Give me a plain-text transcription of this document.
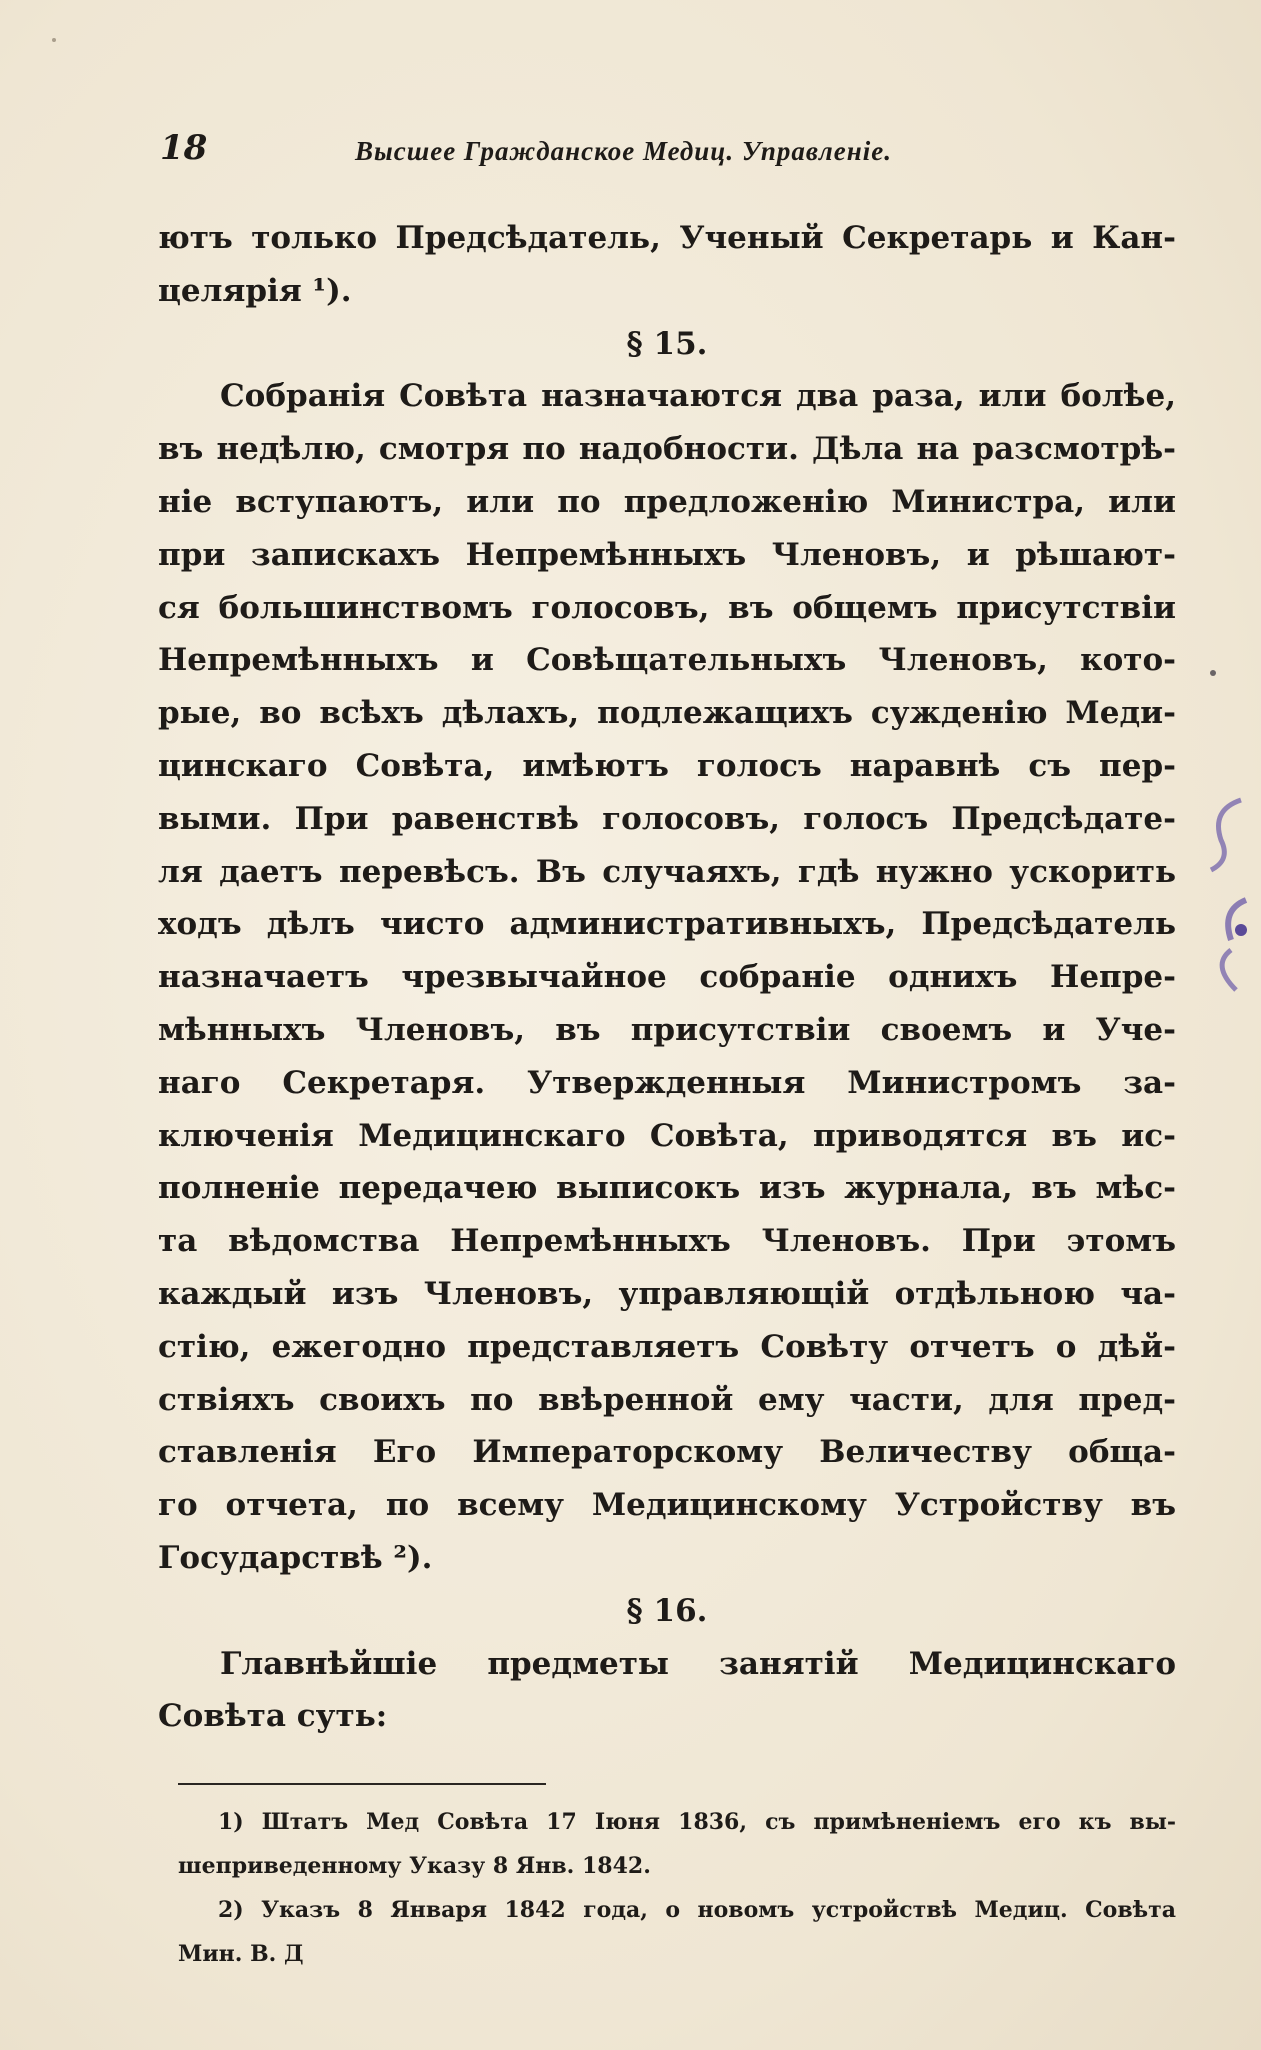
18	Высшее Гражданское Медиц. Управленіе.
ютъ только Предсѣдатель, Ученый Секретарь и Кан-
целярія ¹).
§ 15.
Собранія Совѣта назначаются два раза, или болѣе,
въ недѣлю, смотря по надобности. Дѣла на разсмотрѣ-
ніе вступаютъ, или по предложенію Министра, или
при запискахъ Непремѣнныхъ Членовъ, и рѣшают-
ся большинствомъ голосовъ, въ общемъ присутствіи
Непремѣнныхъ и Совѣщательныхъ Членовъ, кото-
рые, во всѣхъ дѣлахъ, подлежащихъ сужденію Меди-
цинскаго Совѣта, имѣютъ голосъ наравнѣ съ пер-
выми. При равенствѣ голосовъ, голосъ Предсѣдате-
ля даетъ перевѣсъ. Въ случаяхъ, гдѣ нужно ускорить
ходъ дѣлъ чисто административныхъ, Предсѣдатель
назначаетъ чрезвычайное собраніе однихъ Непре-
мѣнныхъ Членовъ, въ присутствіи своемъ и Уче-
наго Секретаря. Утвержденныя Министромъ за-
ключенія Медицинскаго Совѣта, приводятся въ ис-
полненіе передачею выписокъ изъ журнала, въ мѣс-
та вѣдомства Непремѣнныхъ Членовъ. При этомъ
каждый изъ Членовъ, управляющій отдѣльною ча-
стію, ежегодно представляетъ Совѣту отчетъ о дѣй-
ствіяхъ своихъ по ввѣренной ему части, для пред-
ставленія Его Императорскому Величеству обща-
го отчета, по всему Медицинскому Устройству въ
Государствѣ ²).
§ 16.
Главнѣйшіе предметы занятій Медицинскаго
Совѣта суть:
1) Штатъ Мед Совѣта 17 Іюня 1836, съ примѣненіемъ его къ вы-
шеприведенному Указу 8 Янв. 1842.
2) Указъ 8 Января 1842 года, о новомъ устройствѣ Медиц. Совѣта
Мин. В. Д
